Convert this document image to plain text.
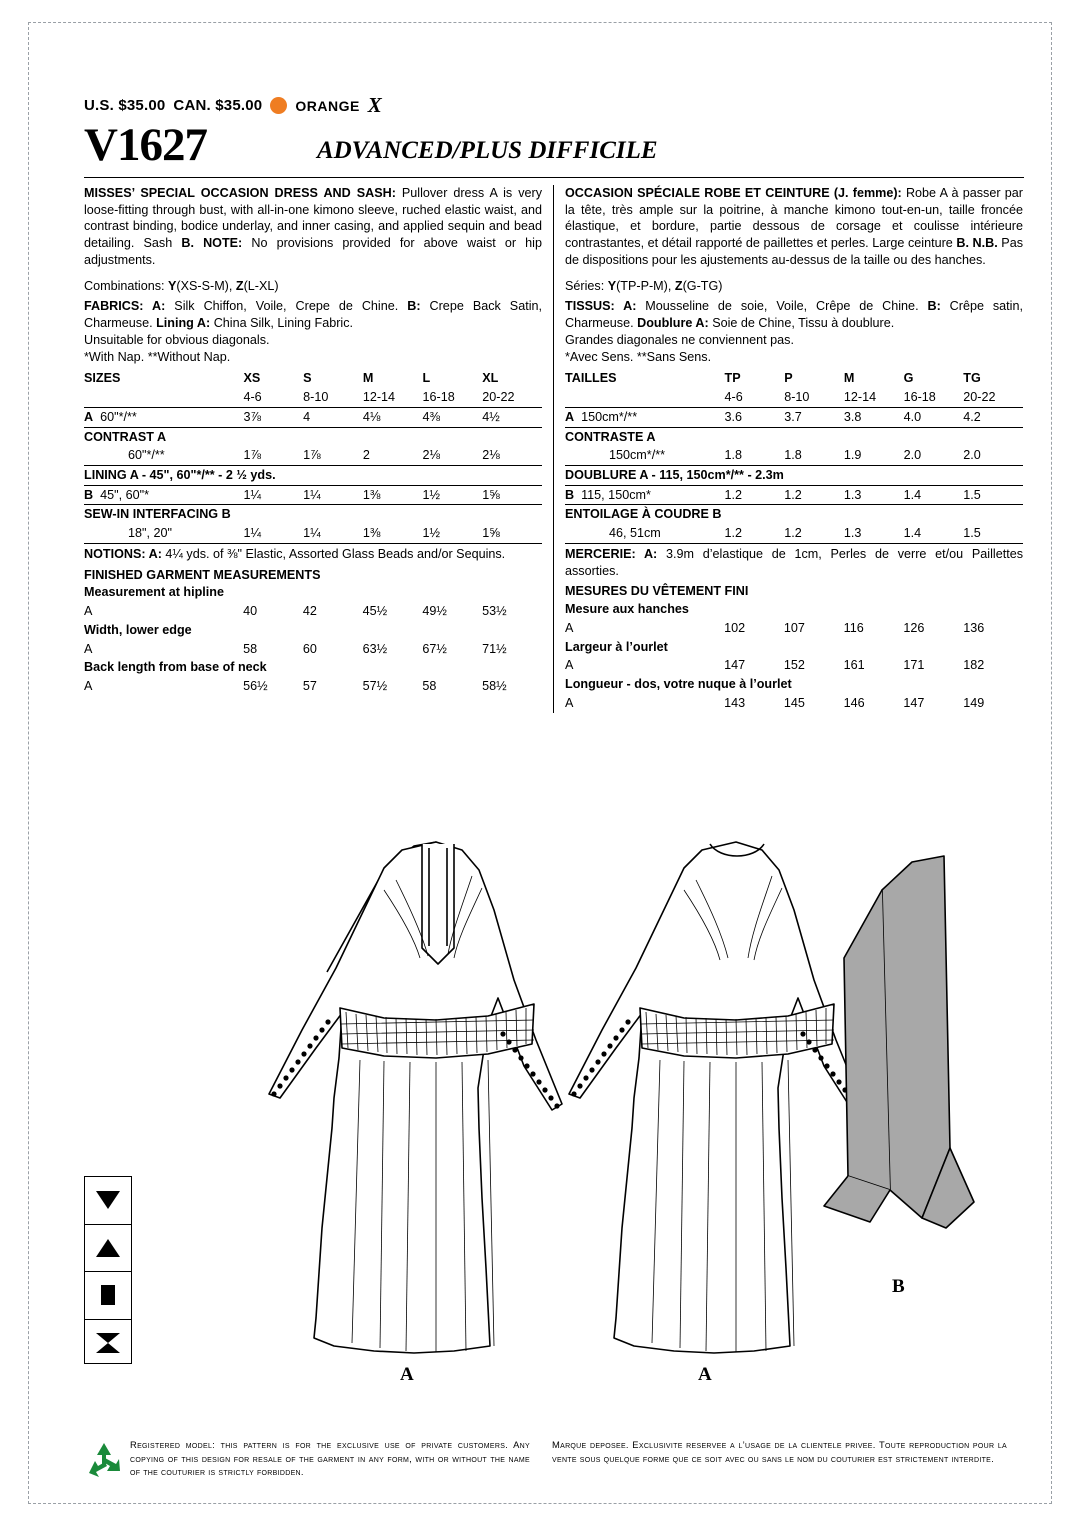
U.S. $35.00 CAN. $35.00 ORANGE X
V1627	ADVANCED/PLUS DIFFICILE

MISSES’ SPECIAL OCCASION DRESS AND SASH: Pullover dress A is very loose-fitting through bust, with all-in-one kimono sleeve, ruched elastic waist, and contrast binding, bodice underlay, and inner casing, and applied sequin and bead detailing. Sash B. NOTE: No provisions provided for above waist or hip adjustments.

Combinations: Y(XS-S-M), Z(L-XL)

FABRICS: A: Silk Chiffon, Voile, Crepe de Chine. B: Crepe Back Satin, Charmeuse. Lining A: China Silk, Lining Fabric.
Unsuitable for obvious diagonals.
*With Nap. **Without Nap.

SIZES	XS	S	M	L	XL
	4-6	8-10	12-14	16-18	20-22
A 60"*/**	3⅞	4	4⅛	4⅜	4½
CONTRAST A					
60"*/**	1⅞	1⅞	2	2⅛	2⅛
LINING A - 45", 60"*/** - 2 ½ yds.					
B 45", 60"*	1¼	1¼	1⅜	1½	1⅝
SEW-IN INTERFACING B					
18", 20"	1¼	1¼	1⅜	1½	1⅝

NOTIONS: A: 4¼ yds. of ⅜" Elastic, Assorted Glass Beads and/or Sequins.

FINISHED GARMENT MEASUREMENTS
Measurement at hipline					
A	40	42	45½	49½	53½
Width, lower edge					
A	58	60	63½	67½	71½
Back length from base of neck					
A	56½	57	57½	58	58½

OCCASION SPÉCIALE ROBE ET CEINTURE (J. femme): Robe A à passer par la tête, très ample sur la poitrine, à manche kimono tout-en-un, taille froncée élastique, et bordure, partie dessous de corsage et coulisse intérieure contrastantes, et détail rapporté de paillettes et perles. Large ceinture B. N.B. Pas de dispositions pour les ajustements au-dessus de la taille ou des hanches.

Séries: Y(TP-P-M), Z(G-TG)

TISSUS: A: Mousseline de soie, Voile, Crêpe de Chine. B: Crêpe satin, Charmeuse. Doublure A: Soie de Chine, Tissu à doublure.
Grandes diagonales ne conviennent pas.
*Avec Sens. **Sans Sens.

TAILLES	TP	P	M	G	TG
	4-6	8-10	12-14	16-18	20-22
A 150cm*/**	3.6	3.7	3.8	4.0	4.2
CONTRASTE A					
150cm*/**	1.8	1.8	1.9	2.0	2.0
DOUBLURE A - 115, 150cm*/** - 2.3m					
B 115, 150cm*	1.2	1.2	1.3	1.4	1.5
ENTOILAGE À COUDRE B					
46, 51cm	1.2	1.2	1.3	1.4	1.5

MERCERIE: A: 3.9m d’elastique de 1cm, Perles de verre et/ou Paillettes assorties.

MESURES DU VÊTEMENT FINI
Mesure aux hanches					
A	102	107	116	126	136
Largeur à l’ourlet					
A	147	152	161	171	182
Longueur - dos, votre nuque à l’ourlet					
A	143	145	146	147	149
A	A
B
Registered model: this pattern is for the exclusive use of private customers. Any copying of this design for resale of the garment in any form, with or without the name of the couturier is strictly forbidden.
Marque deposee. Exclusivite reservee a l’usage de la clientele privee. Toute reproduction pour la vente sous quelque forme que ce soit avec ou sans le nom du couturier est strictement interdite.
